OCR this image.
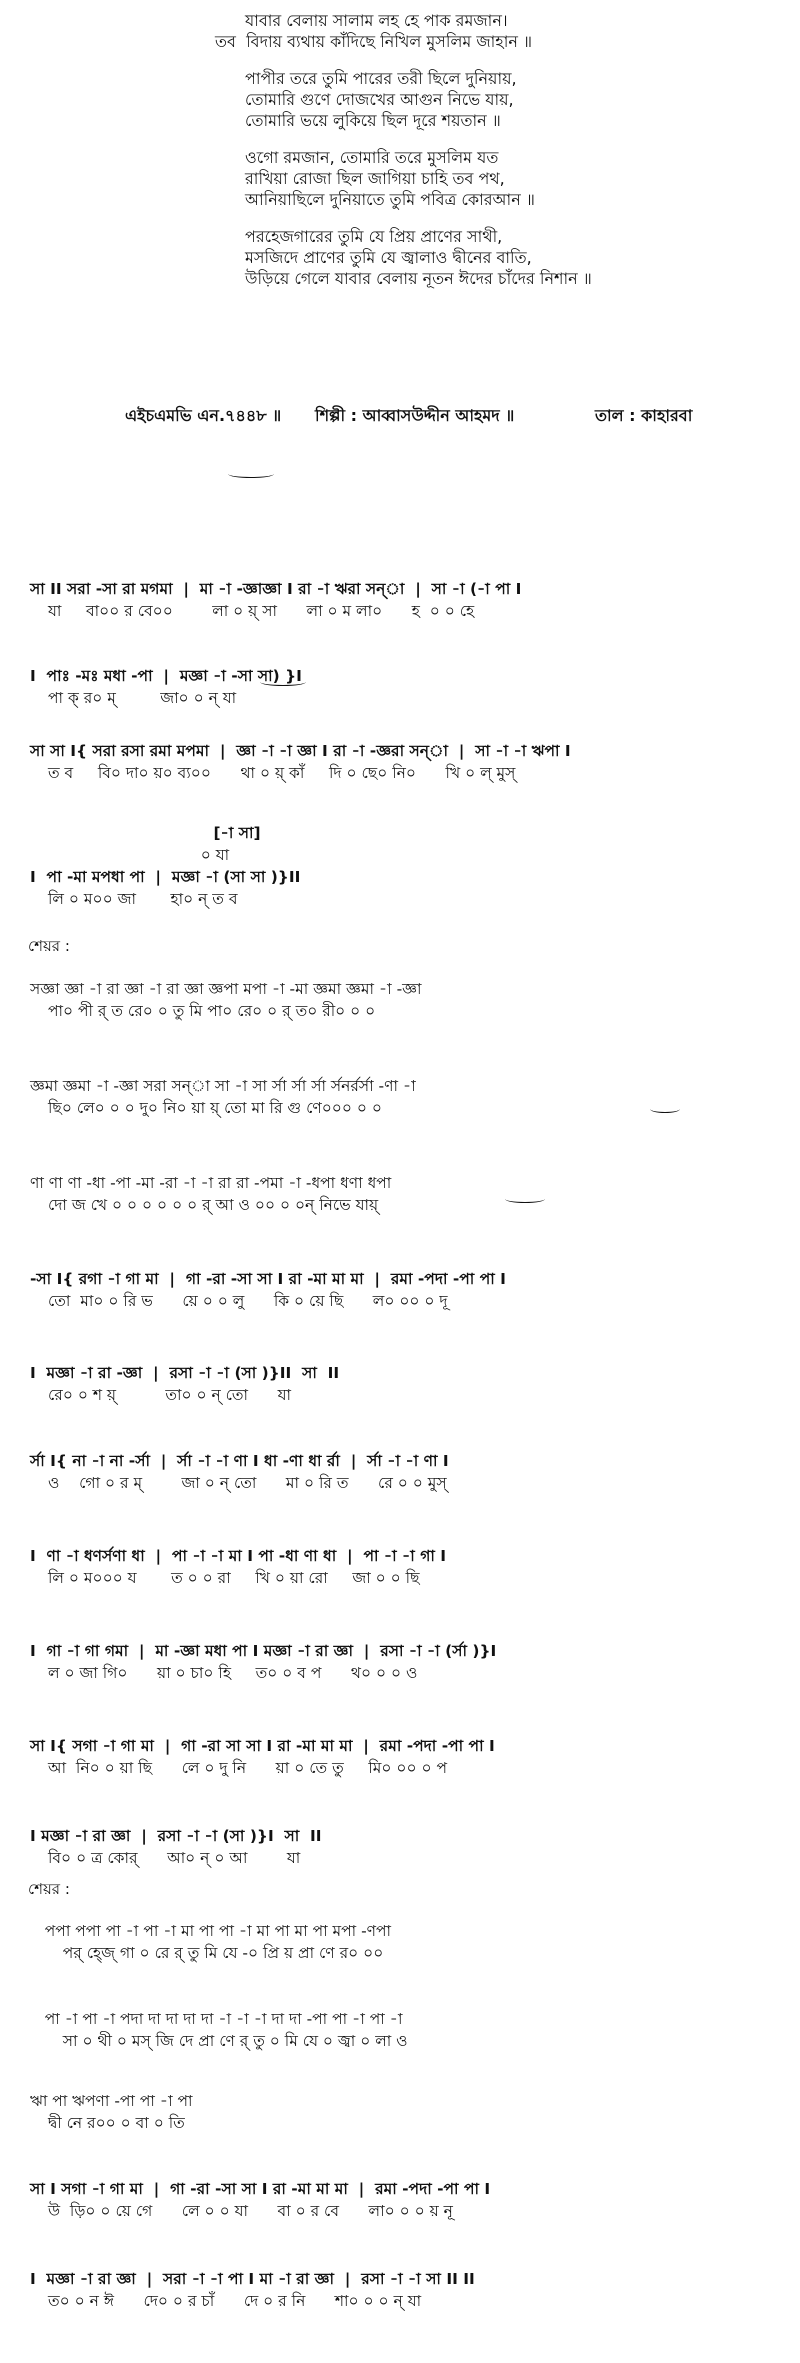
যাবার বেলায় সালাম লহ হে পাক রমজান।
তব  বিদায় ব্যথায় কাঁদিছে নিখিল মুসলিম জাহান ॥
পাপীর তরে তুমি পারের তরী ছিলে দুনিয়ায়,
তোমারি গুণে দোজখের আগুন নিভে যায়,
তোমারি ভয়ে লুকিয়ে ছিল দূরে শয়তান ॥
ওগো রমজান, তোমারি তরে মুসলিম যত
রাখিয়া রোজা ছিল জাগিয়া চাহি তব পথ,
আনিয়াছিলে দুনিয়াতে তুমি পবিত্র কোরআন ॥
পরহেজগারের তুমি যে প্রিয় প্রাণের সাথী,
মসজিদে প্রাণের তুমি যে জ্বালাও দ্বীনের বাতি,
উড়িয়ে গেলে যাবার বেলায় নূতন ঈদের চাঁদের নিশান ॥

এইচএমভি এন.৭৪৪৮ ॥

শিল্পী : আব্বাসউদ্দীন আহমদ ॥

	তাল : কাহারবা

শেয়র :
শেয়র :
সা II সরা -সা রা মগমা  |  মা -া -জ্ঞাজ্ঞা I রা -া ঋরা সন্া  |  সা -া (-া পা I
যা     বা০০ র বে০০        লা ০ য়্ সা      লা ০ ম লা০      হ  ০ ০ হে
I  পাঃ -মঃ মধা -পা  |  মজ্ঞা -া -সা সা) }I
পা ক্ র০ ম্         জা০ ০ ন্ যা
সা সা I{ সরা রসা রমা মপমা  |  জ্ঞা -া -া জ্ঞা I রা -া -জ্ঞরা সন্া  |  সা -া -া ঋপা I
ত ব     বি০ দা০ য়০ ব্য০০      থা ০ য়্ কাঁ     দি ০ ছে০ নি০      খি ০ ল্ মুস্
[-া সা]
০ যা
I  পা -মা মপধা পা  |  মজ্ঞা -া (সা সা )}II
লি ০ ম০০ জা       হা০ ন্ ত ব
সজ্ঞা জ্ঞা -া রা জ্ঞা -া রা জ্ঞা জ্ঞপা মপা -া -মা জ্ঞমা জ্ঞমা -া -জ্ঞা
পা০ পী র্ ত রে০ ০ তু মি পা০ রে০ ০ র্ ত০ রী০ ০ ০
জ্ঞমা জ্ঞমা -া -জ্ঞা সরা সন্া সা -া সা র্সা র্সা র্সা র্সনর্রর্সা -ণা -া
ছি০ লে০ ০ ০ দু০ নি০ য়া য়্ তো মা রি গু ণে০০০ ০ ০
ণা ণা ণা -ধা -পা -মা -রা -া -া রা রা -পমা -া -ধপা ধণা ধপা
দো জ খে ০ ০ ০ ০ ০ ০ র্ আ ও ০০ ০ ০ন্ নিভে যায়্
-সা I{ রগা -া গা মা  |  গা -রা -সা সা I রা -মা মা মা  |  রমা -পদা -পা পা I
তো  মা০ ০ রি ভ      য়ে ০ ০ লু      কি ০ য়ে ছি      ল০ ০০ ০ দূ
I  মজ্ঞা -া রা -জ্ঞা  |  রসা -া -া (সা )}II  সা  II
রে০ ০ শ য়্          তা০ ০ ন্ তো      যা
র্সা I{ না -া না -র্সা  |  র্সা -া -া ণা I ধা -ণা ধা র্রা  |  র্সা -া -া ণা I
ও    গো ০ র ম্        জা ০ ন্ তো      মা ০ রি ত      রে ০ ০ মুস্
I  ণা -া ধণর্সণা ধা  |  পা -া -া মা I পা -ধা ণা ধা  |  পা -া -া গা I
লি ০ ম০০০ য       ত ০ ০ রা     খি ০ য়া রো     জা ০ ০ ছি
I  গা -া গা গমা  |  মা -জ্ঞা মধা পা I মজ্ঞা -া রা জ্ঞা  |  রসা -া -া (র্সা )}I
ল ০ জা গি০      য়া ০ চা০ হি     ত০ ০ ব প      থ০ ০ ০ ও
সা I{ সগা -া গা মা  |  গা -রা সা সা I রা -মা মা মা  |  রমা -পদা -পা পা I
আ  নি০ ০ য়া ছি      লে ০ দু নি      য়া ০ তে তু     মি০ ০০ ০ প
I মজ্ঞা -া রা জ্ঞা  |  রসা -া -া (সা )}I  সা  II
বি০ ০ ত্র কোর্      আ০ ন্ ০ আ        যা
পপা পপা পা -া পা -া মা পা পা -া মা পা মা পা মপা -ণপা
পর্ হে্জ্ গা ০ রে র্ তু মি যে -০ প্রি য় প্রা ণে র০ ০০
পা -া পা -া পদা দা দা দা দা -া -া -া দা দা -পা পা -া পা -া
সা ০ থী ০ মস্ জি দে প্রা ণে র্ তু ০ মি যে ০ জ্বা ০ লা ও
ঋা পা ঋপণা -পা পা -া পা
দ্বী নে র০০ ০ বা ০ তি
সা I সগা -া গা মা  |  গা -রা -সা সা I রা -মা মা মা  |  রমা -পদা -পা পা I
উ  ড়ি০ ০ য়ে গে      লে ০ ০ যা      বা ০ র বে      লা০ ০ ০ য় নূ
I  মজ্ঞা -া রা জ্ঞা  |  সরা -া -া পা I মা -া রা জ্ঞা  |  রসা -া -া সা II II
ত০ ০ ন ঈ      দে০ ০ র চাঁ      দে ০ র নি      শা০ ০ ০ ন্ যা
